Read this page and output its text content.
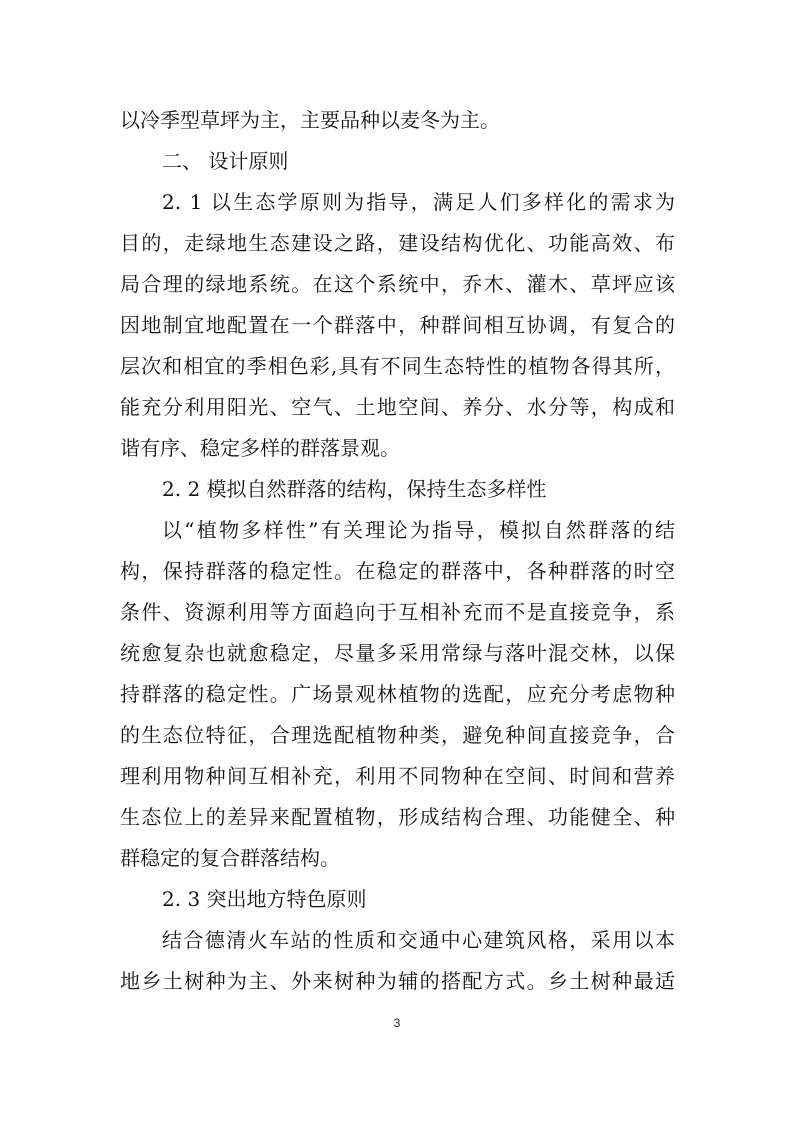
以冷季型草坪为主，主要品种以麦冬为主。
二、 设计原则
2. 1 以生态学原则为指导，满足人们多样化的需求为
目的，走绿地生态建设之路，建设结构优化、功能高效、布
局合理的绿地系统。在这个系统中，乔木、灌木、草坪应该
因地制宜地配置在一个群落中，种群间相互协调，有复合的
层次和相宜的季相色彩,具有不同生态特性的植物各得其所，
能充分利用阳光、空气、土地空间、养分、水分等，构成和
谐有序、稳定多样的群落景观。
2. 2 模拟自然群落的结构，保持生态多样性
以“植物多样性”有关理论为指导，模拟自然群落的结
构，保持群落的稳定性。在稳定的群落中，各种群落的时空
条件、资源利用等方面趋向于互相补充而不是直接竞争，系
统愈复杂也就愈稳定，尽量多采用常绿与落叶混交林，以保
持群落的稳定性。广场景观林植物的选配，应充分考虑物种
的生态位特征，合理选配植物种类，避免种间直接竞争，合
理利用物种间互相补充，利用不同物种在空间、时间和营养
生态位上的差异来配置植物，形成结构合理、功能健全、种
群稳定的复合群落结构。
2. 3 突出地方特色原则
结合德清火车站的性质和交通中心建筑风格，采用以本
地乡土树种为主、外来树种为辅的搭配方式。乡土树种最适
3
